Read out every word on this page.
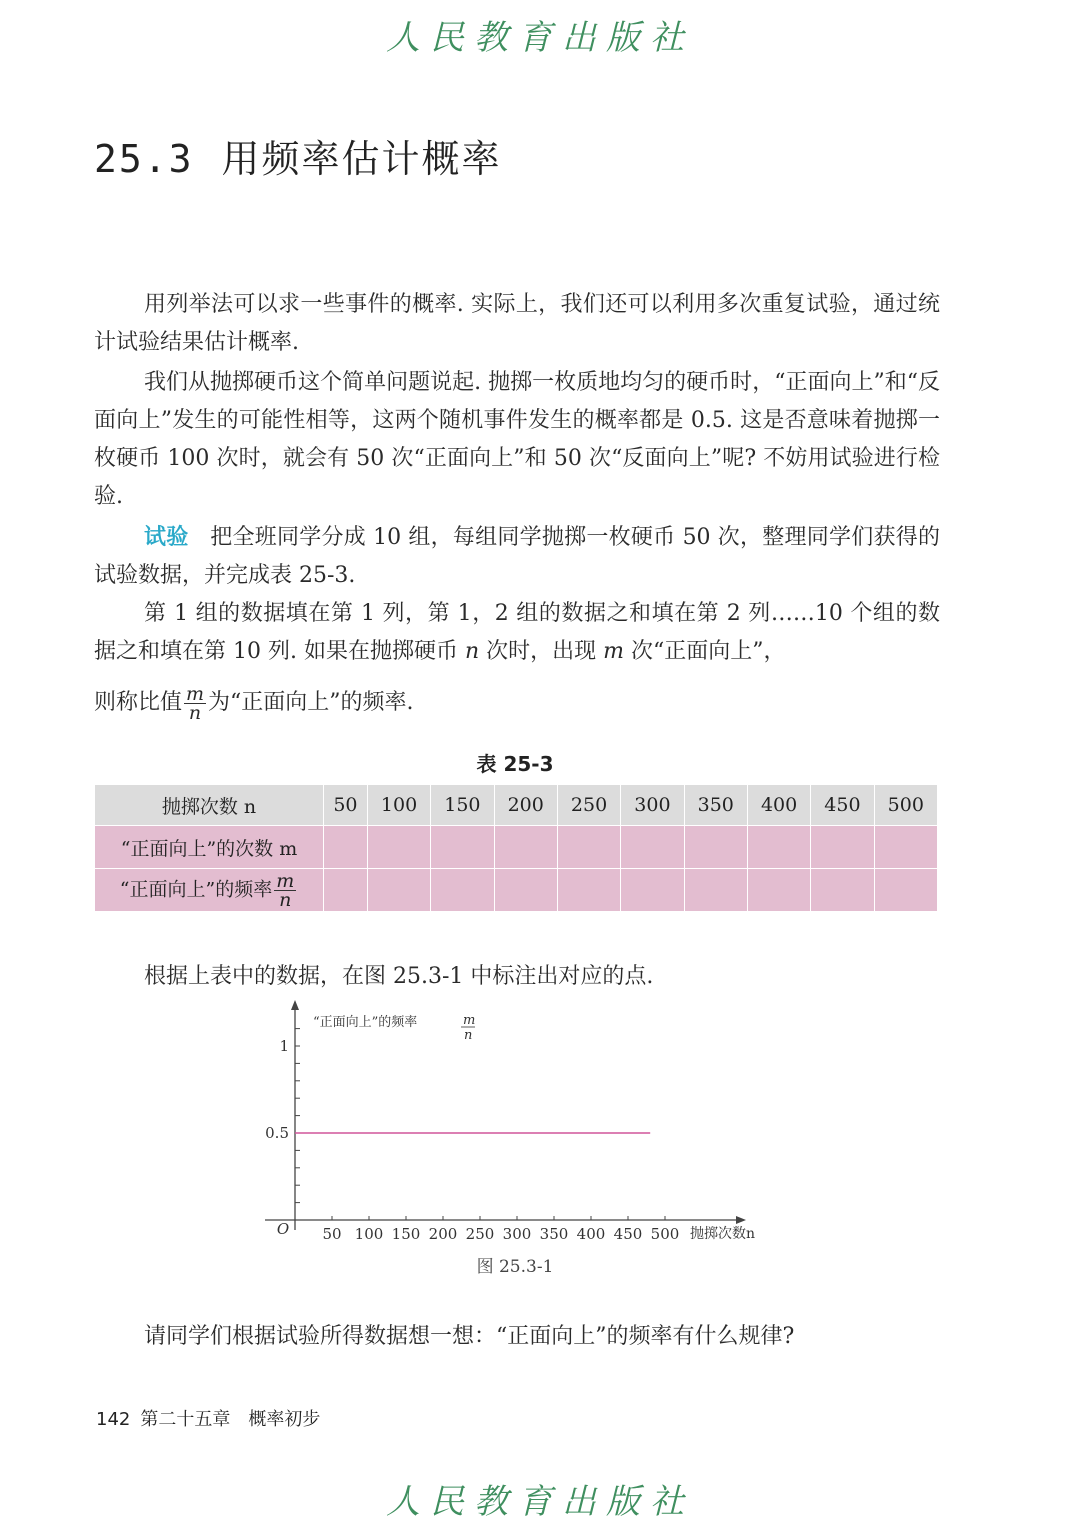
人民教育出版社
25.3 用频率估计概率
用列举法可以求一些事件的概率. 实际上，我们还可以利用多次重复试验，通过统计试验结果估计概率.
我们从抛掷硬币这个简单问题说起. 抛掷一枚质地均匀的硬币时，“正面向上”和“反面向上”发生的可能性相等，这两个随机事件发生的概率都是 0.5. 这是否意味着抛掷一枚硬币 100 次时，就会有 50 次“正面向上”和 50 次“反面向上”呢? 不妨用试验进行检验.
试验 把全班同学分成 10 组，每组同学抛掷一枚硬币 50 次，整理同学们获得的试验数据，并完成表 25-3.
第 1 组的数据填在第 1 列，第 1，2 组的数据之和填在第 2 列……10 个组的数据之和填在第 10 列. 如果在抛掷硬币 n 次时，出现 m 次“正面向上”，
则称比值 $\frac{m}{n}$ 为“正面向上”的频率.
表 25-3
抛掷次数 n	50	100	150	200	250	300	350	400	450	500
“正面向上”的次数 m										
“正面向上”的频率 $\frac{m}{n}$

根据上表中的数据，在图 25.3-1 中标注出对应的点.
0.5
1
50 100 150 200 250 300 350 400 450 500
O	抛掷次数n
“正面向上”的频率	m
n
图 25.3-1
请同学们根据试验所得数据想一想：“正面向上”的频率有什么规律?
142 第二十五章　概率初步
人民教育出版社
